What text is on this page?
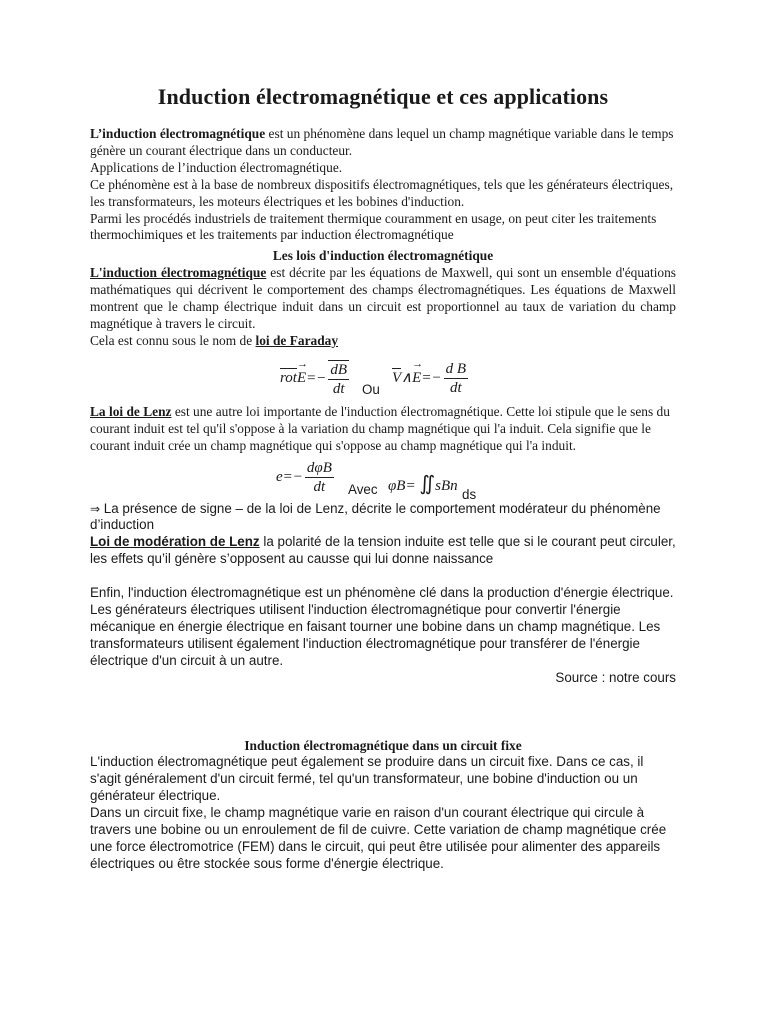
Induction électromagnétique et ces applications

L’induction électromagnétique est un phénomène dans lequel un champ magnétique variable dans le temps génère un courant électrique dans un conducteur.

Applications de l’induction électromagnétique.

Ce phénomène est à la base de nombreux dispositifs électromagnétiques, tels que les générateurs électriques, les transformateurs, les moteurs électriques et les bobines d'induction.

Parmi les procédés industriels de traitement thermique couramment en usage, on peut citer les traitements thermochimiques et les traitements par induction électromagnétique

Les lois d'induction électromagnétique

L'induction électromagnétique est décrite par les équations de Maxwell, qui sont un ensemble d'équations mathématiques qui décrivent le comportement des champs électromagnétiques. Les équations de Maxwell montrent que le champ électrique induit dans un circuit est proportionnel au taux de variation du champ magnétique à travers le circuit.

Cela est connu sous le nom de loi de Faraday

$rot\to E=- \frac{dB}{dt}$ Ou
V∧→ $E=- \frac{\text{d B}}{dt}$

La loi de Lenz est une autre loi importante de l'induction électromagnétique. Cette loi stipule que le sens du courant induit est tel qu'il s'oppose à la variation du champ magnétique qui l'a induit. Cela signifie que le courant induit crée un champ magnétique qui s'oppose au champ magnétique qui l'a induit.

$e=- \frac{\text{dφB}}{dt}$ Avec φB= ∬sBn
ds

⇒ La présence de signe – de la loi de Lenz, décrite le comportement modérateur du phénomène d’induction

Loi de modération de Lenz la polarité de la tension induite est telle que si le courant peut circuler, les effets qu’il génère s’opposent au causse qui lui donne naissance

Enfin, l'induction électromagnétique est un phénomène clé dans la production d'énergie électrique. Les générateurs électriques utilisent l'induction électromagnétique pour convertir l'énergie mécanique en énergie électrique en faisant tourner une bobine dans un champ magnétique. Les transformateurs utilisent également l'induction électromagnétique pour transférer de l'énergie électrique d'un circuit à un autre.

Source : notre cours

Induction électromagnétique dans un circuit fixe

L'induction électromagnétique peut également se produire dans un circuit fixe. Dans ce cas, il s'agit généralement d'un circuit fermé, tel qu'un transformateur, une bobine d'induction ou un générateur électrique.

Dans un circuit fixe, le champ magnétique varie en raison d'un courant électrique qui circule à travers une bobine ou un enroulement de fil de cuivre. Cette variation de champ magnétique crée une force électromotrice (FEM) dans le circuit, qui peut être utilisée pour alimenter des appareils électriques ou être stockée sous forme d'énergie électrique.
